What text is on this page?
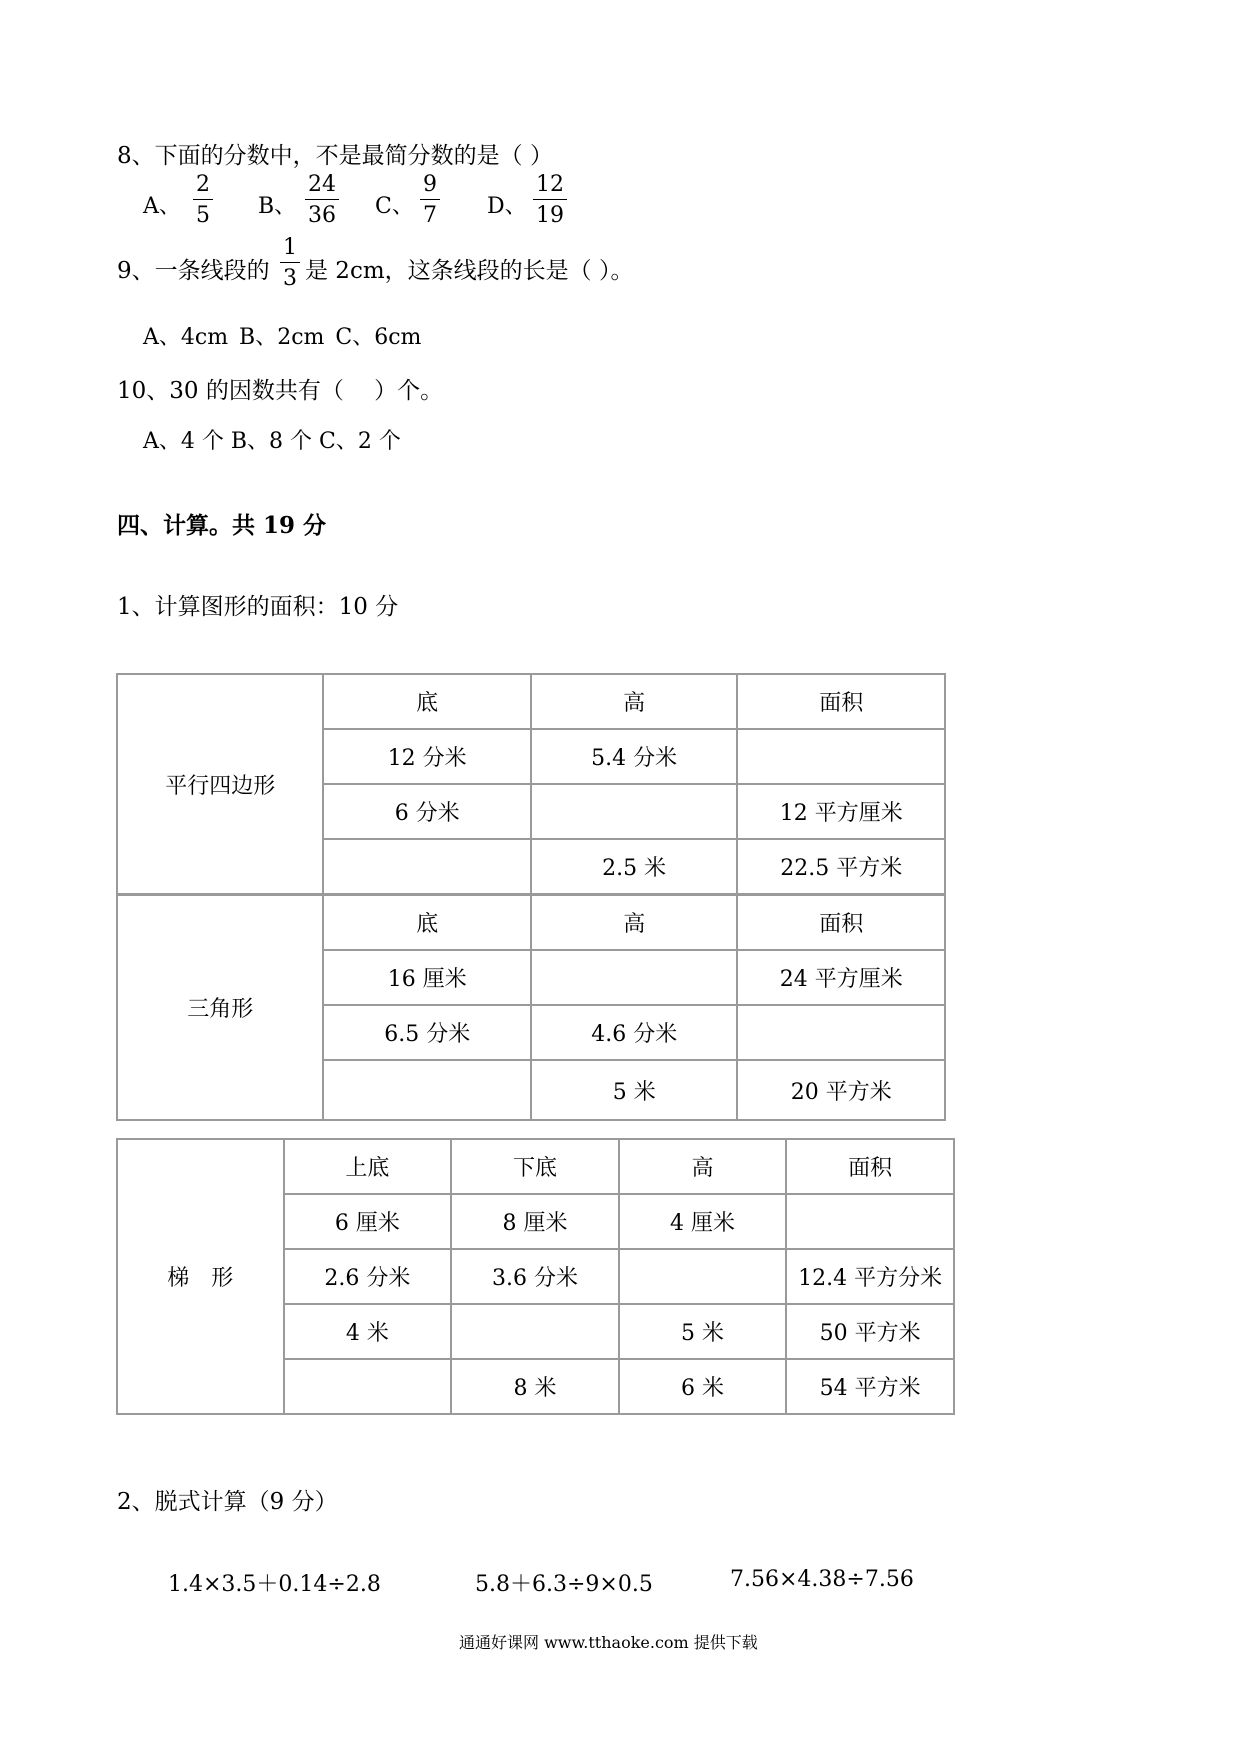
8、下面的分数中，不是最简分数的是（ ）
A、 $\frac{2}{5}$ B、 $\frac{24}{36}$ C、 $\frac{9}{7}$ D、 $\frac{12}{19}$
9、一条线段的 $\frac{1}{3}$ 是 2cm，这条线段的长是（ ）。
A、4cm B、2cm C、6cm
10、30 的因数共有（　 ）个。
A、4 个 B、8 个 C、2 个
四、计算。共 19 分
1、计算图形的面积：10 分
平行四边形	底	高	面积
	12 分米	5.4 分米	
	6 分米		12 平方厘米
		2.5 米	22.5 平方米
三角形	底	高	面积
	16 厘米		24 平方厘米
	6.5 分米	4.6 分米	
		5 米	20 平方米
梯　形	上底	下底	高	面积
	6 厘米	8 厘米	4 厘米	
	2.6 分米	3.6 分米		12.4 平方分米
	4 米		5 米	50 平方米
		8 米	6 米	54 平方米
2、脱式计算（9 分）
1.4×3.5＋0.14÷2.8	5.8＋6.3÷9×0.5	7.56×4.38÷7.56
通通好课网 www.tthaoke.com 提供下载
